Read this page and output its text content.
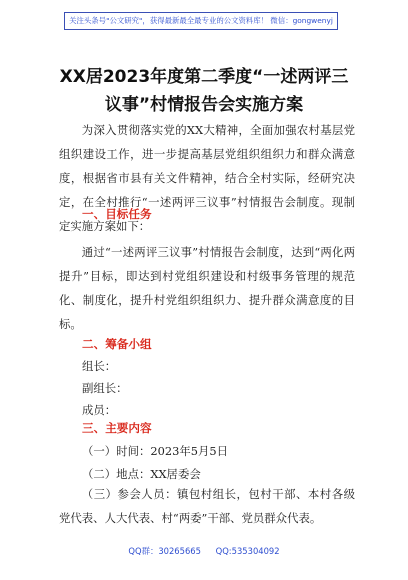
关注头条号"公文研究"，获得最新最全最专业的公文资料库！ 微信：gongwenyj
XX居2023年度第二季度“一述两评三
议事”村情报告会实施方案
为深入贯彻落实党的XX大精神，全面加强农村基层党组织建设工作，进一步提高基层党组织组织力和群众满意度，根据省市县有关文件精神，结合全村实际，经研究决定，在全村推行“一述两评三议事”村情报告会制度。现制定实施方案如下：
一、目标任务
通过“一述两评三议事”村情报告会制度，达到“两化两提升”目标，即达到村党组织建设和村级事务管理的规范化、制度化，提升村党组织组织力、提升群众满意度的目标。
二、筹备小组
组长：
副组长：
成员：
三、主要内容
（一）时间：2023年5月5日
（二）地点：XX居委会
（三）参会人员：镇包村组长，包村干部、本村各级党代表、人大代表、村“两委”干部、党员群众代表。
QQ群：30265665 QQ:535304092
